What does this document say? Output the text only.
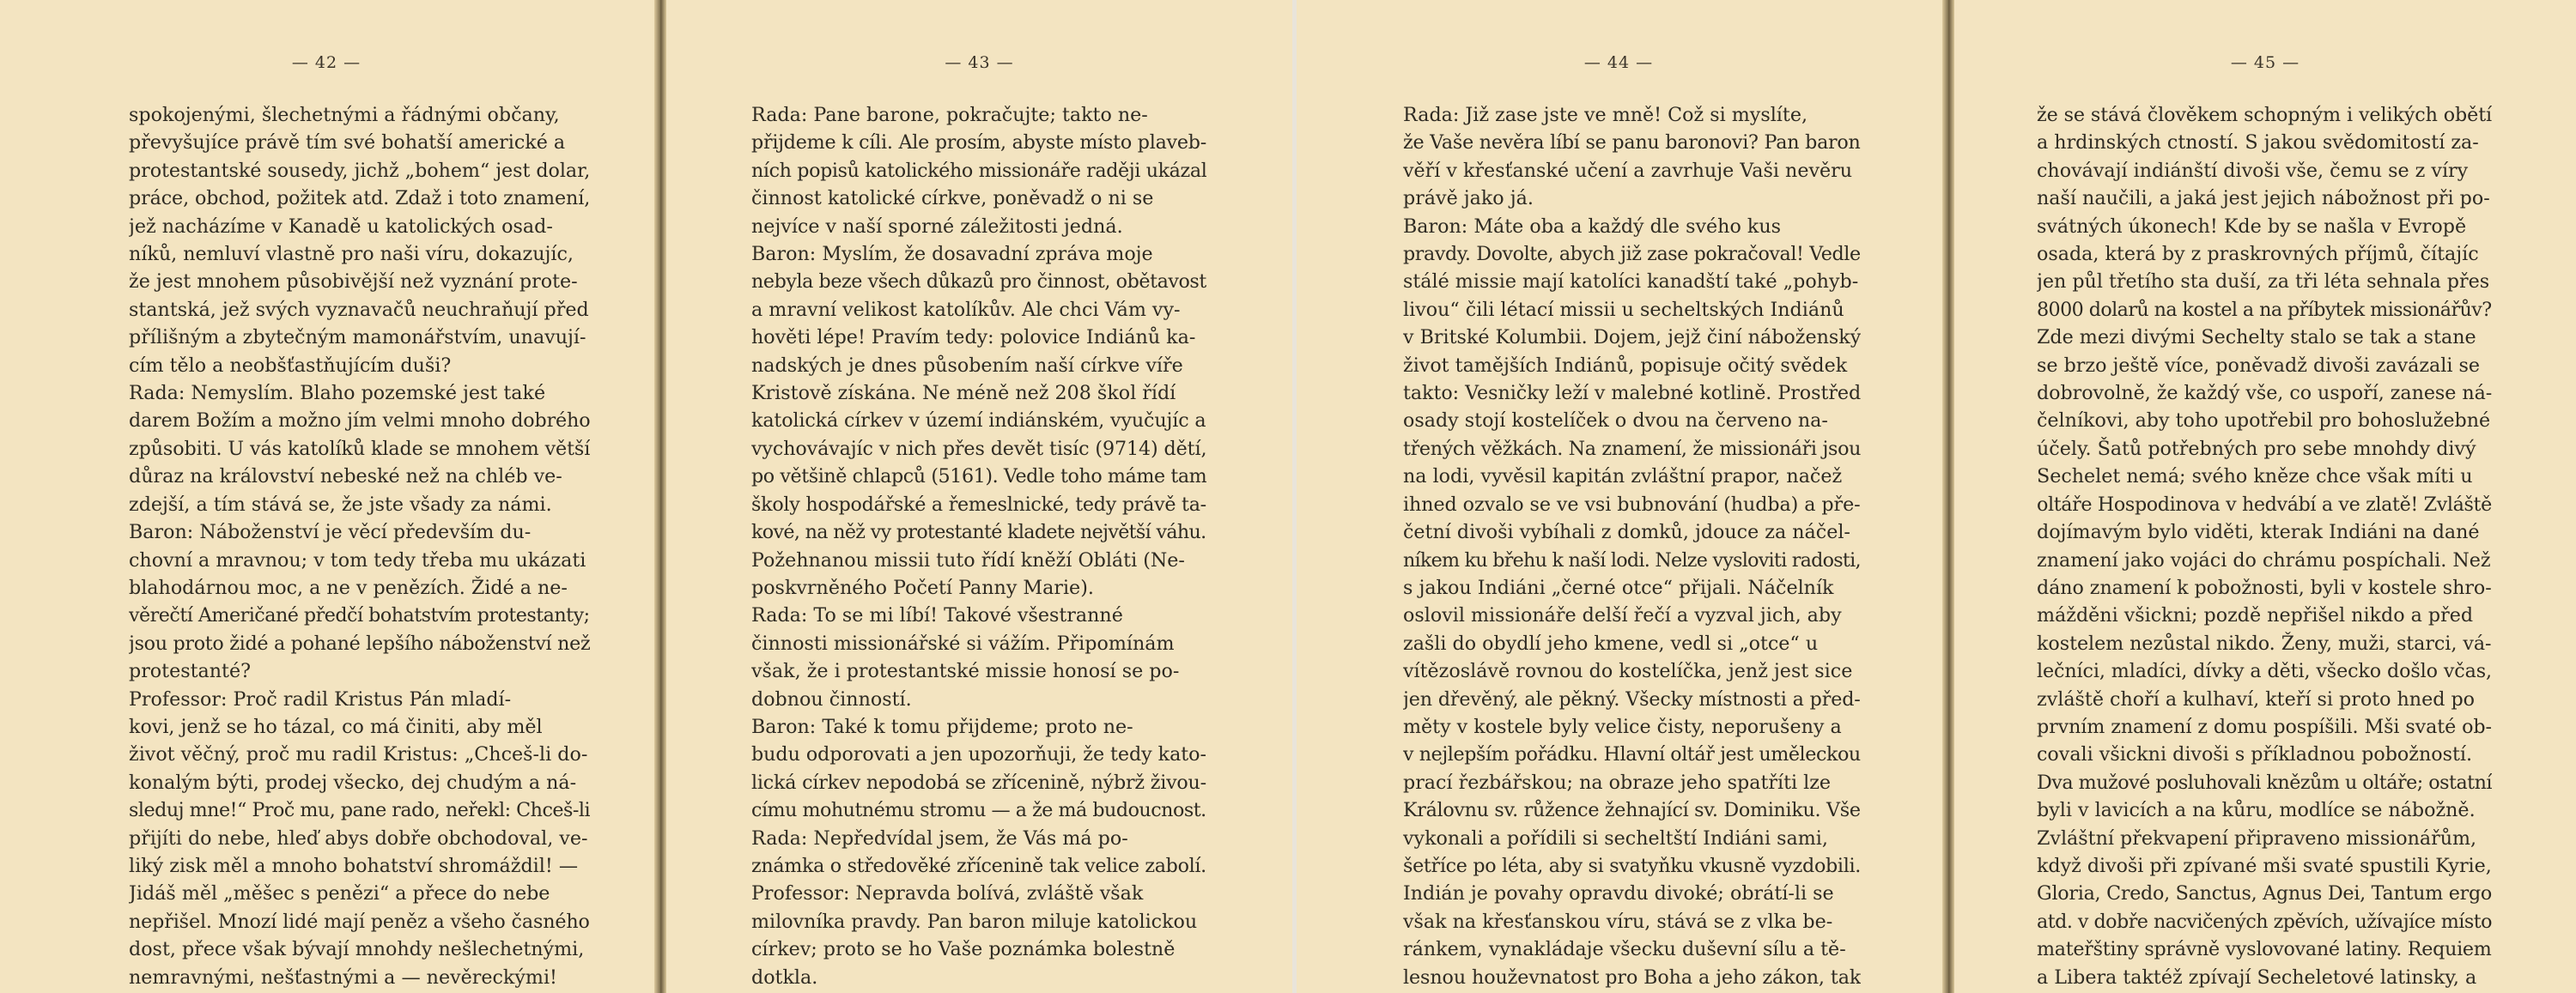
— 42 —
spokojenými, šlechetnými a řádnými občany,
převyšujíce právě tím své bohatší americké a
protestantské sousedy, jichž „bohem“ jest dolar,
práce, obchod, požitek atd. Zdaž i toto znamení,
jež nacházíme v Kanadě u katolických osad-
níků, nemluví vlastně pro naši víru, dokazujíc,
že jest mnohem působivější než vyznání prote-
stantská, jež svých vyznavačů neuchraňují před
přílišným a zbytečným mamonářstvím, unavují-
cím tělo a neobšťastňujícím duši?
Rada: Nemyslím. Blaho pozemské jest také
darem Božím a možno jím velmi mnoho dobrého
způsobiti. U vás katolíků klade se mnohem větší
důraz na království nebeské než na chléb ve-
zdejší, a tím stává se, že jste všady za námi.
Baron: Náboženství je věcí především du-
chovní a mravnou; v tom tedy třeba mu ukázati
blahodárnou moc, a ne v penězích. Židé a ne-
věrečtí Američané předčí bohatstvím protestanty;
jsou proto židé a pohané lepšího náboženství než
protestanté?
Professor: Proč radil Kristus Pán mladí-
kovi, jenž se ho tázal, co má činiti, aby měl
život věčný, proč mu radil Kristus: „Chceš-li do-
konalým býti, prodej všecko, dej chudým a ná-
sleduj mne!“ Proč mu, pane rado, neřekl: Chceš-li
přijíti do nebe, hleď abys dobře obchodoval, ve-
liký zisk měl a mnoho bohatství shromáždil! —
Jidáš měl „měšec s penězi“ a přece do nebe
nepřišel. Mnozí lidé mají peněz a všeho časného
dost, přece však bývají mnohdy nešlechetnými,
nemravnými, nešťastnými a — nevěreckými!
— 43 —
Rada: Pane barone, pokračujte; takto ne-
přijdeme k cíli. Ale prosím, abyste místo plaveb-
ních popisů katolického missionáře raději ukázal
činnost katolické církve, poněvadž o ni se
nejvíce v naší sporné záležitosti jedná.
Baron: Myslím, že dosavadní zpráva moje
nebyla beze všech důkazů pro činnost, obětavost
a mravní velikost katolíkův. Ale chci Vám vy-
hověti lépe! Pravím tedy: polovice Indiánů ka-
nadských je dnes působením naší církve víře
Kristově získána. Ne méně než 208 škol řídí
katolická církev v území indiánském, vyučujíc a
vychovávajíc v nich přes devět tisíc (9714) dětí,
po většině chlapců (5161). Vedle toho máme tam
školy hospodářské a řemeslnické, tedy právě ta-
kové, na něž vy protestanté kladete největší váhu.
Požehnanou missii tuto řídí kněží Obláti (Ne-
poskvrněného Početí Panny Marie).
Rada: To se mi líbí! Takové všestranné
činnosti missionářské si vážím. Připomínám
však, že i protestantské missie honosí se po-
dobnou činností.
Baron: Také k tomu přijdeme; proto ne-
budu odporovati a jen upozorňuji, že tedy kato-
lická církev nepodobá se zřícenině, nýbrž živou-
címu mohutnému stromu — a že má budoucnost.
Rada: Nepředvídal jsem, že Vás má po-
známka o středověké zřícenině tak velice zabolí.
Professor: Nepravda bolívá, zvláště však
milovníka pravdy. Pan baron miluje katolickou
církev; proto se ho Vaše poznámka bolestně
dotkla.
— 44 —
Rada: Již zase jste ve mně! Což si myslíte,
že Vaše nevěra líbí se panu baronovi? Pan baron
věří v křesťanské učení a zavrhuje Vaši nevěru
právě jako já.
Baron: Máte oba a každý dle svého kus
pravdy. Dovolte, abych již zase pokračoval! Vedle
stálé missie mají katolíci kanadští také „pohyb-
livou“ čili létací missii u secheltských Indiánů
v Britské Kolumbii. Dojem, jejž činí náboženský
život tamějších Indiánů, popisuje očitý svědek
takto: Vesničky leží v malebné kotlině. Prostřed
osady stojí kostelíček o dvou na červeno na-
třených věžkách. Na znamení, že missionáři jsou
na lodi, vyvěsil kapitán zvláštní prapor, načež
ihned ozvalo se ve vsi bubnování (hudba) a pře-
četní divoši vybíhali z domků, jdouce za náčel-
níkem ku břehu k naší lodi. Nelze vysloviti radosti,
s jakou Indiáni „černé otce“ přijali. Náčelník
oslovil missionáře delší řečí a vyzval jich, aby
zašli do obydlí jeho kmene, vedl si „otce“ u
vítězoslávě rovnou do kostelíčka, jenž jest sice
jen dřevěný, ale pěkný. Všecky místnosti a před-
měty v kostele byly velice čisty, neporušeny a
v nejlepším pořádku. Hlavní oltář jest uměleckou
prací řezbářskou; na obraze jeho spatříti lze
Královnu sv. růžence žehnající sv. Dominiku. Vše
vykonali a pořídili si secheltští Indiáni sami,
šetříce po léta, aby si svatyňku vkusně vyzdobili.
Indián je povahy opravdu divoké; obrátí-li se
však na křesťanskou víru, stává se z vlka be-
ránkem, vynakládaje všecku duševní sílu a tě-
lesnou houževnatost pro Boha a jeho zákon, tak
— 45 —
že se stává člověkem schopným i velikých obětí
a hrdinských ctností. S jakou svědomitostí za-
chovávají indiánští divoši vše, čemu se z víry
naší naučili, a jaká jest jejich nábožnost při po-
svátných úkonech! Kde by se našla v Evropě
osada, která by z praskrovných příjmů, čítajíc
jen půl třetího sta duší, za tři léta sehnala přes
8000 dolarů na kostel a na příbytek missionářův?
Zde mezi divými Sechelty stalo se tak a stane
se brzo ještě více, poněvadž divoši zavázali se
dobrovolně, že každý vše, co uspoří, zanese ná-
čelníkovi, aby toho upotřebil pro bohoslužebné
účely. Šatů potřebných pro sebe mnohdy divý
Sechelet nemá; svého kněze chce však míti u
oltáře Hospodinova v hedvábí a ve zlatě! Zvláště
dojímavým bylo viděti, kterak Indiáni na dané
znamení jako vojáci do chrámu pospíchali. Než
dáno znamení k pobožnosti, byli v kostele shro-
mážděni všickni; pozdě nepřišel nikdo a před
kostelem nezůstal nikdo. Ženy, muži, starci, vá-
lečníci, mladíci, dívky a děti, všecko došlo včas,
zvláště choří a kulhaví, kteří si proto hned po
prvním znamení z domu pospíšili. Mši svaté ob-
covali všickni divoši s příkladnou pobožností.
Dva mužové posluhovali knězům u oltáře; ostatní
byli v lavicích a na kůru, modlíce se nábožně.
Zvláštní překvapení připraveno missionářům,
když divoši při zpívané mši svaté spustili Kyrie,
Gloria, Credo, Sanctus, Agnus Dei, Tantum ergo
atd. v dobře nacvičených zpěvích, užívajíce místo
mateřštiny správně vyslovované latiny. Requiem
a Libera taktéž zpívají Secheletové latinsky, a
